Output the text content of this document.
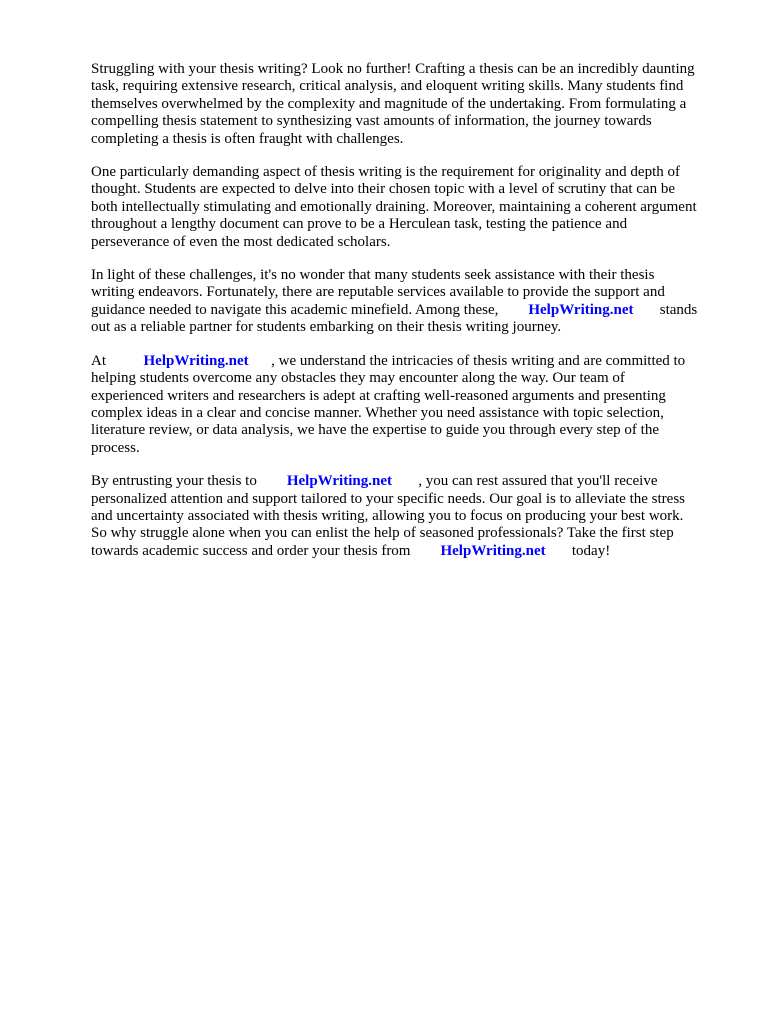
Struggling with your thesis writing? Look no further! Crafting a thesis can be an incredibly daunting
task, requiring extensive research, critical analysis, and eloquent writing skills. Many students find
themselves overwhelmed by the complexity and magnitude of the undertaking. From formulating a
compelling thesis statement to synthesizing vast amounts of information, the journey towards
completing a thesis is often fraught with challenges.

One particularly demanding aspect of thesis writing is the requirement for originality and depth of
thought. Students are expected to delve into their chosen topic with a level of scrutiny that can be
both intellectually stimulating and emotionally draining. Moreover, maintaining a coherent argument
throughout a lengthy document can prove to be a Herculean task, testing the patience and
perseverance of even the most dedicated scholars.

In light of these challenges, it's no wonder that many students seek assistance with their thesis
writing endeavors. Fortunately, there are reputable services available to provide the support and
guidance needed to navigate this academic minefield. Among these, HelpWriting.net stands
out as a reliable partner for students embarking on their thesis writing journey.

At	HelpWriting.net , we understand the intricacies of thesis writing and are committed to
helping students overcome any obstacles they may encounter along the way. Our team of
experienced writers and researchers is adept at crafting well-reasoned arguments and presenting
complex ideas in a clear and concise manner. Whether you need assistance with topic selection,
literature review, or data analysis, we have the expertise to guide you through every step of the
process.

By entrusting your thesis to HelpWriting.net , you can rest assured that you'll receive
personalized attention and support tailored to your specific needs. Our goal is to alleviate the stress
and uncertainty associated with thesis writing, allowing you to focus on producing your best work.
So why struggle alone when you can enlist the help of seasoned professionals? Take the first step
towards academic success and order your thesis from HelpWriting.net today!
